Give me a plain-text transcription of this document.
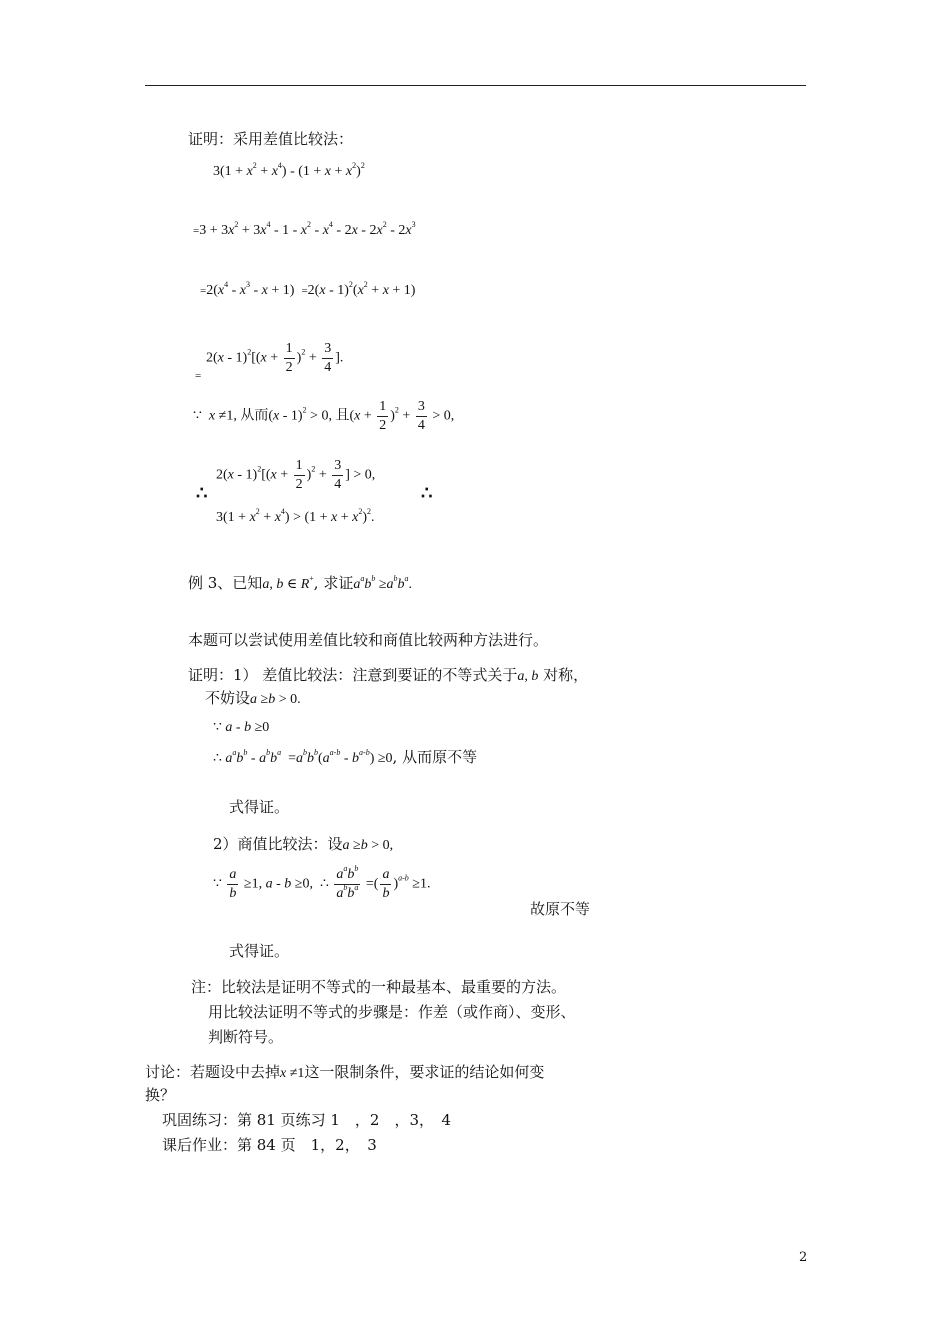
证明：采用差值比较法：
$3(1 + x^2 + x^4) - (1 + x + x^2)^2$
$=3 + 3x^2 + 3x^4 - 1 - x^2 - x^4 - 2x - 2x^2 - 2x^3$
$=2(x^4 - x^3 - x + 1) =2(x - 1)^2(x^2 + x + 1)$
=
$2(x - 1)^2[(x + \frac{1}{2} )^2 + \frac{3}{4}$ ].
∵ x ≠1, 从而(x - 1)$^2$ > 0, 且$(x + \frac{1}{2} )^2 + \frac{3}{4} > 0$,
∴
$2(x - 1)^2[(x + \frac{1}{2} )^2 + \frac{3}{4}$ ] > 0,
∴
$3(1 + x^2 + x^4) > (1 + x + x^2)^2$.
例 3、已知a, b ∈ R+, 求证$a^ab^b \ge a^bb^a$.
本题可以尝试使用差值比较和商值比较两种方法进行。
证明：1） 差值比较法：注意到要证的不等式关于a, b 对称，
不妨设a ≥b > 0.
∵ a - b ≥0
∴ $a^ab^b - a^bb^a =a^bb^b(a^{a-b} - b^{a-b}) \ge 0$, 从而原不等
式得证。
2）商值比较法：设a ≥b > 0,
∵ $\frac{a}{b} \ge 1$, a - b ≥0,  ∴ $\frac{a^ab^b}{a^bb^a}$ =( $\frac{a}{b} )^{a-b} \ge 1$.
故原不等
式得证。
注：比较法是证明不等式的一种最基本、最重要的方法。
用比较法证明不等式的步骤是：作差（或作商）、变形、
判断符号。
讨论：若题设中去掉x ≠1这一限制条件，要求证的结论如何变
换？
巩固练习：第 81 页练习 1　，2　，3，　4
课后作业：第 84 页　1，2，　3
2
